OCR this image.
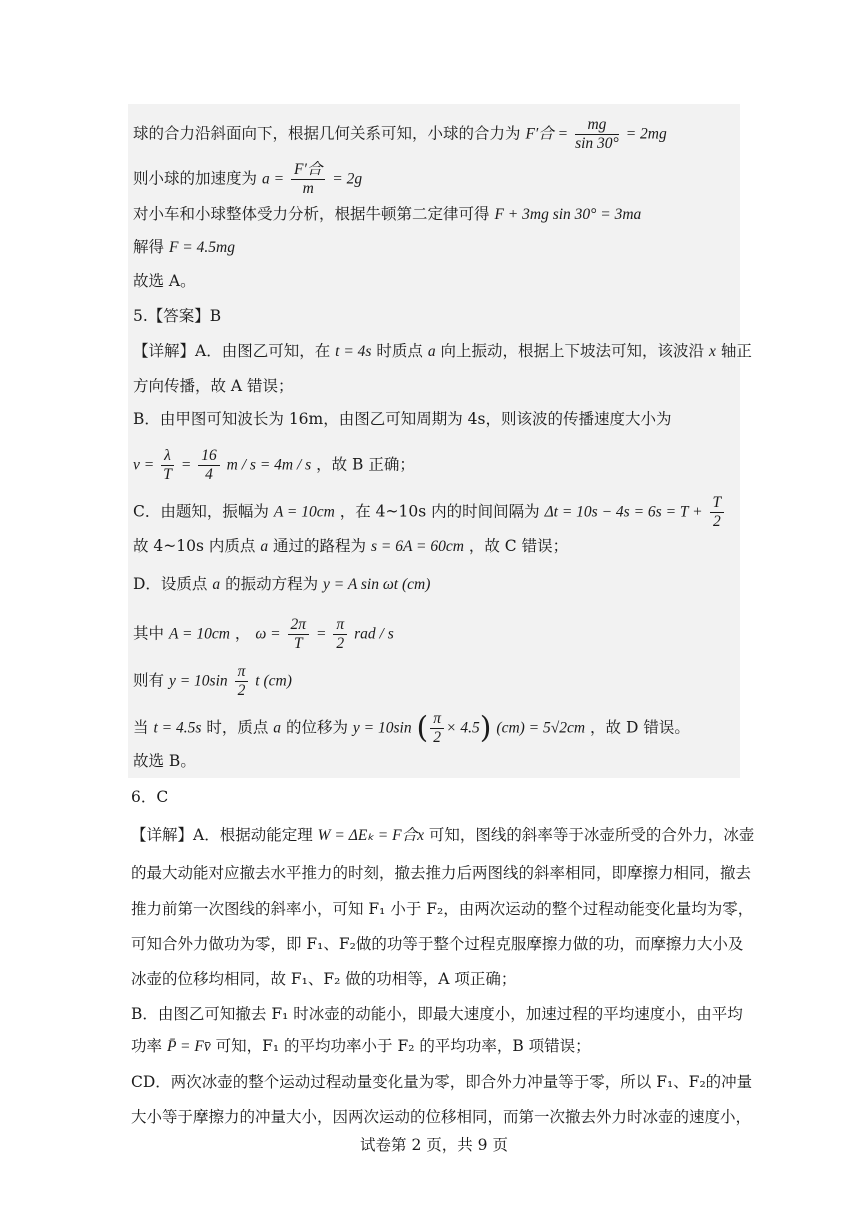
球的合力沿斜面向下，根据几何关系可知，小球的合力为 F′合 = $\frac{mg}{\sin 30^\circ} = 2mg$
则小球的加速度为 $a = \frac{\text{F′合}}{m} = 2g$
对小车和小球整体受力分析，根据牛顿第二定律可得 F + 3mg sin 30° = 3ma
解得 F = 4.5mg
故选 A。
5.【答案】B
【详解】A．由图乙可知，在 t = 4s 时质点 a 向上振动，根据上下坡法可知，该波沿 x 轴正
方向传播，故 A 错误；
B．由甲图可知波长为 16m，由图乙可知周期为 4s，则该波的传播速度大小为
$v = \frac{\lambda}{T} = \frac{16}{4}$ m / s = 4m / s ，故 B 正确；
C．由题知，振幅为 A = 10cm ，在 4~10s 内的时间间隔为 $\Delta t = 10s - 4s = 6s = T + \frac{T}{2}$
故 4~10s 内质点 a 通过的路程为 s = 6A = 60cm ，故 C 错误；
D．设质点 a 的振动方程为 y = A sin ωt (cm)
其中 A = 10cm ， $\omega = \frac{2\pi}{T} = \frac{\pi}{2}$ rad / s
则有 $y = 10\sin \frac{\pi}{2}$ t (cm)
当 t = 4.5s 时，质点 a 的位移为 y = 10sin ( $\frac{\pi}{2} \times 4.5$) (cm) = 5√2cm ，故 D 错误。
故选 B。
6．C
【详解】A．根据动能定理 W = ΔEₖ = F合x 可知，图线的斜率等于冰壶所受的合外力，冰壶
的最大动能对应撤去水平推力的时刻，撤去推力后两图线的斜率相同，即摩擦力相同，撤去
推力前第一次图线的斜率小，可知 F₁ 小于 F₂，由两次运动的整个过程动能变化量均为零，
可知合外力做功为零，即 F₁、F₂做的功等于整个过程克服摩擦力做的功，而摩擦力大小及
冰壶的位移均相同，故 F₁、F₂ 做的功相等，A 项正确；
B．由图乙可知撤去 F₁ 时冰壶的动能小，即最大速度小，加速过程的平均速度小，由平均
功率 P̄ = Fv̄ 可知，F₁ 的平均功率小于 F₂ 的平均功率，B 项错误；
CD．两次冰壶的整个运动过程动量变化量为零，即合外力冲量等于零，所以 F₁、F₂的冲量
大小等于摩擦力的冲量大小，因两次运动的位移相同，而第一次撤去外力时冰壶的速度小，
试卷第 2 页，共 9 页
